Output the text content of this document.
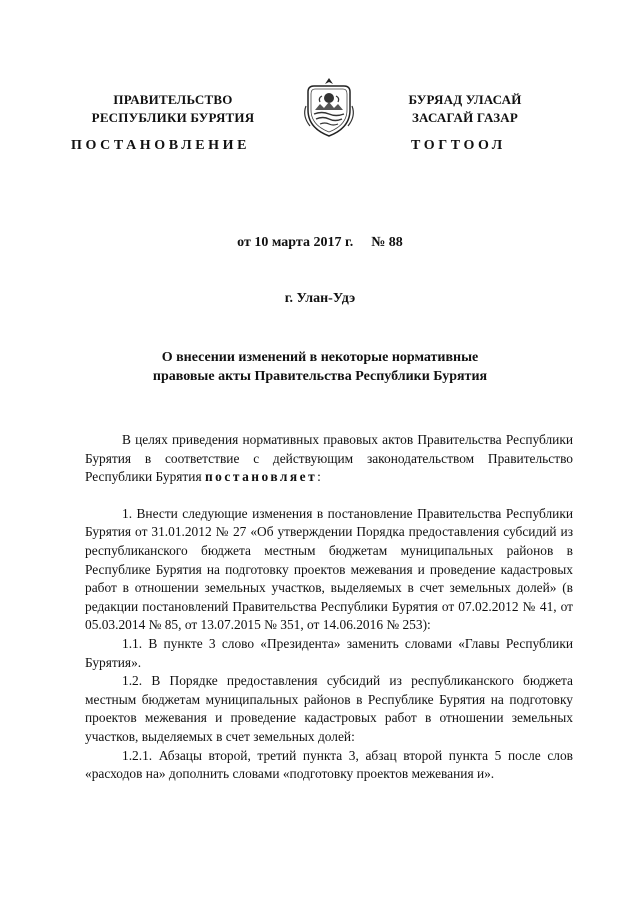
ПРАВИТЕЛЬСТВО
РЕСПУБЛИКИ БУРЯТИЯ
БУРЯАД УЛАСАЙ
ЗАСАГАЙ ГАЗАР
ПОСТАНОВЛЕНИЕ	ТОГТООЛ
от 10 марта 2017 г. № 88
г. Улан-Удэ
О внесении изменений в некоторые нормативные
правовые акты Правительства Республики Бурятия

В целях приведения нормативных правовых актов Правительства Республики Бурятия в соответствие с действующим законодательством Правительство Республики Бурятия постановляет:

1. Внести следующие изменения в постановление Правительства Республики Бурятия от 31.01.2012 № 27 «Об утверждении Порядка предоставления субсидий из республиканского бюджета местным бюджетам муниципальных районов в Республике Бурятия на подготовку проектов межевания и проведение кадастровых работ в отношении земельных участков, выделяемых в счет земельных долей» (в редакции постановлений Правительства Республики Бурятия от 07.02.2012 № 41, от 05.03.2014 № 85, от 13.07.2015 № 351, от 14.06.2016 № 253):

1.1. В пункте 3 слово «Президента» заменить словами «Главы Республики Бурятия».

1.2. В Порядке предоставления субсидий из республиканского бюджета местным бюджетам муниципальных районов в Республике Бурятия на подготовку проектов межевания и проведение кадастровых работ в отношении земельных участков, выделяемых в счет земельных долей:

1.2.1. Абзацы второй, третий пункта 3, абзац второй пункта 5 после слов «расходов на» дополнить словами «подготовку проектов межевания и».
